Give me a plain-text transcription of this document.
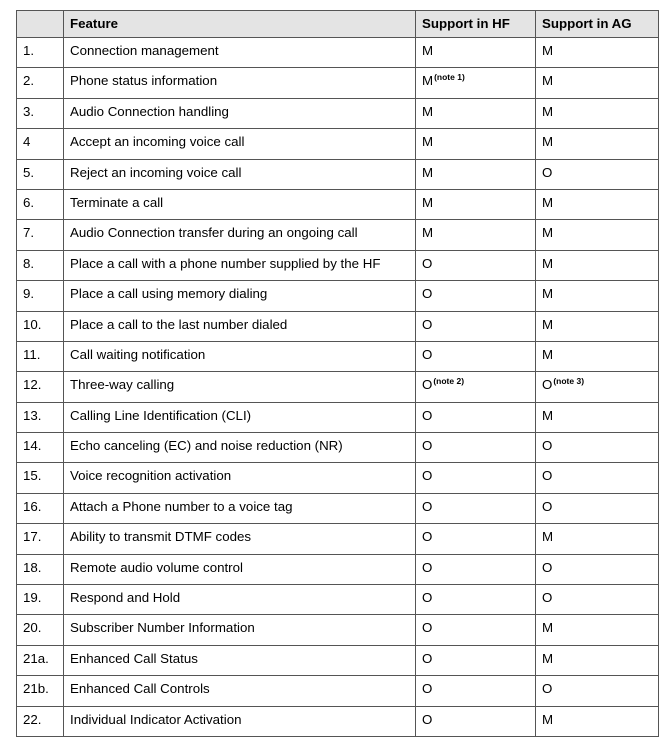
	Feature	Support in HF	Support in AG
1.	Connection management	M	M
2.	Phone status information	M$^{(note 1)}$	M
3.	Audio Connection handling	M	M
4	Accept an incoming voice call	M	M
5.	Reject an incoming voice call	M	O
6.	Terminate a call	M	M
7.	Audio Connection transfer during an ongoing call	M	M
8.	Place a call with a phone number supplied by the HF	O	M
9.	Place a call using memory dialing	O	M
10.	Place a call to the last number dialed	O	M
11.	Call waiting notification	O	M
12.	Three-way calling	O$^{(note 2)}$	O$^{(note 3)}$
13.	Calling Line Identification (CLI)	O	M
14.	Echo canceling (EC) and noise reduction (NR)	O	O
15.	Voice recognition activation	O	O
16.	Attach a Phone number to a voice tag	O	O
17.	Ability to transmit DTMF codes	O	M
18.	Remote audio volume control	O	O
19.	Respond and Hold	O	O
20.	Subscriber Number Information	O	M
21a.	Enhanced Call Status	O	M
21b.	Enhanced Call Controls	O	O
22.	Individual Indicator Activation	O	M
